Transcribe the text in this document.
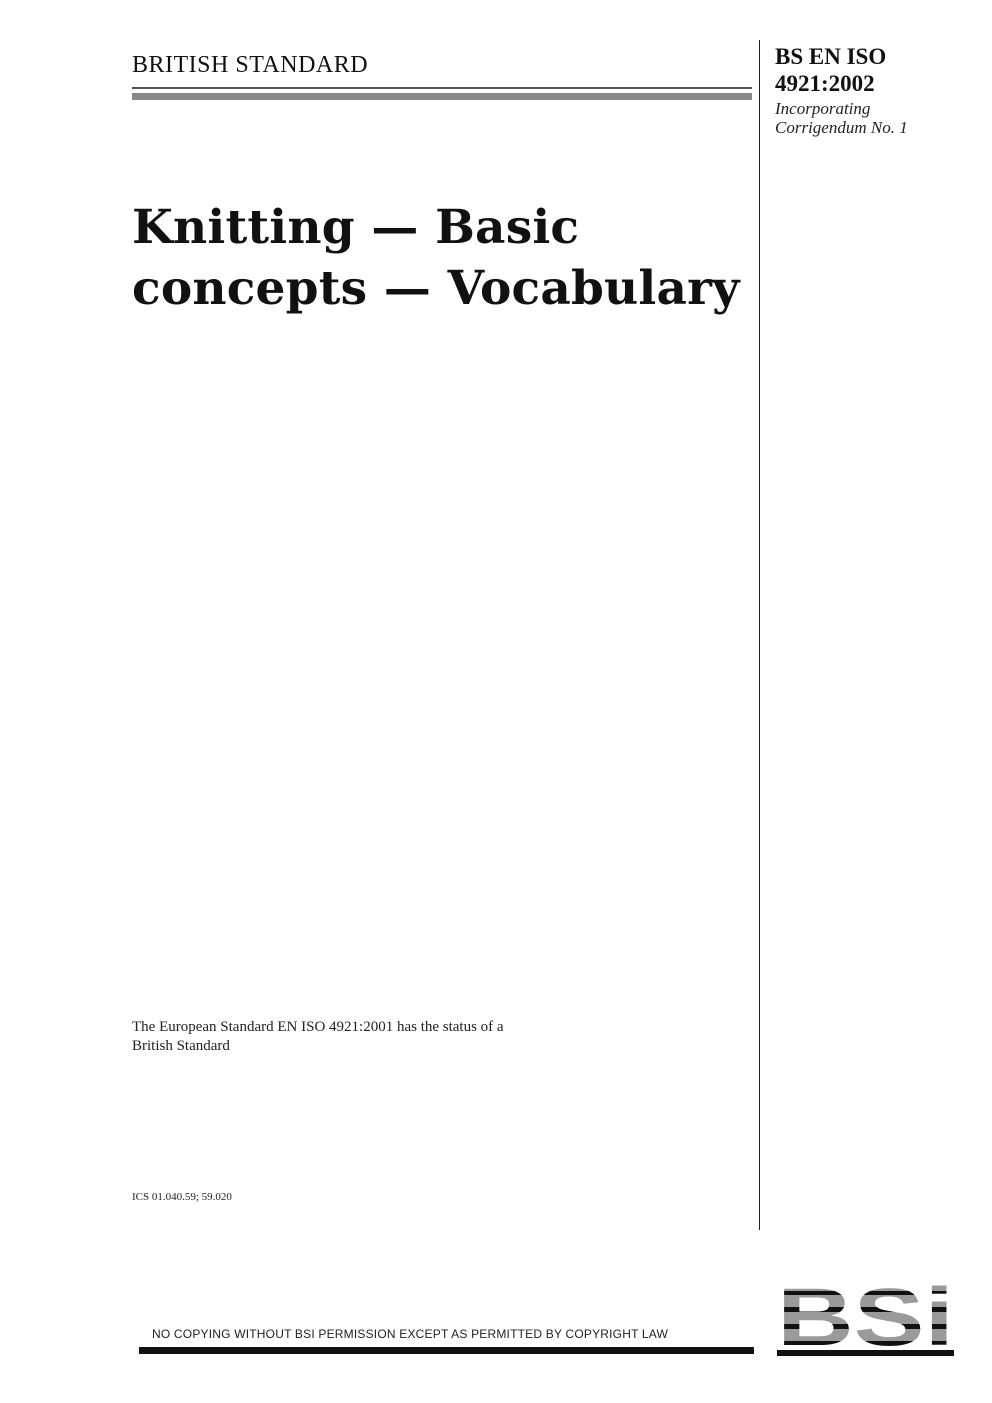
BRITISH STANDARD	BS EN ISO
4921:2002
Incorporating
Corrigendum No. 1
Knitting — Basic
concepts — Vocabulary
The European Standard EN ISO 4921:2001 has the status of a
British Standard
ICS 01.040.59; 59.020
NO COPYING WITHOUT BSI PERMISSION EXCEPT AS PERMITTED BY COPYRIGHT LAW
